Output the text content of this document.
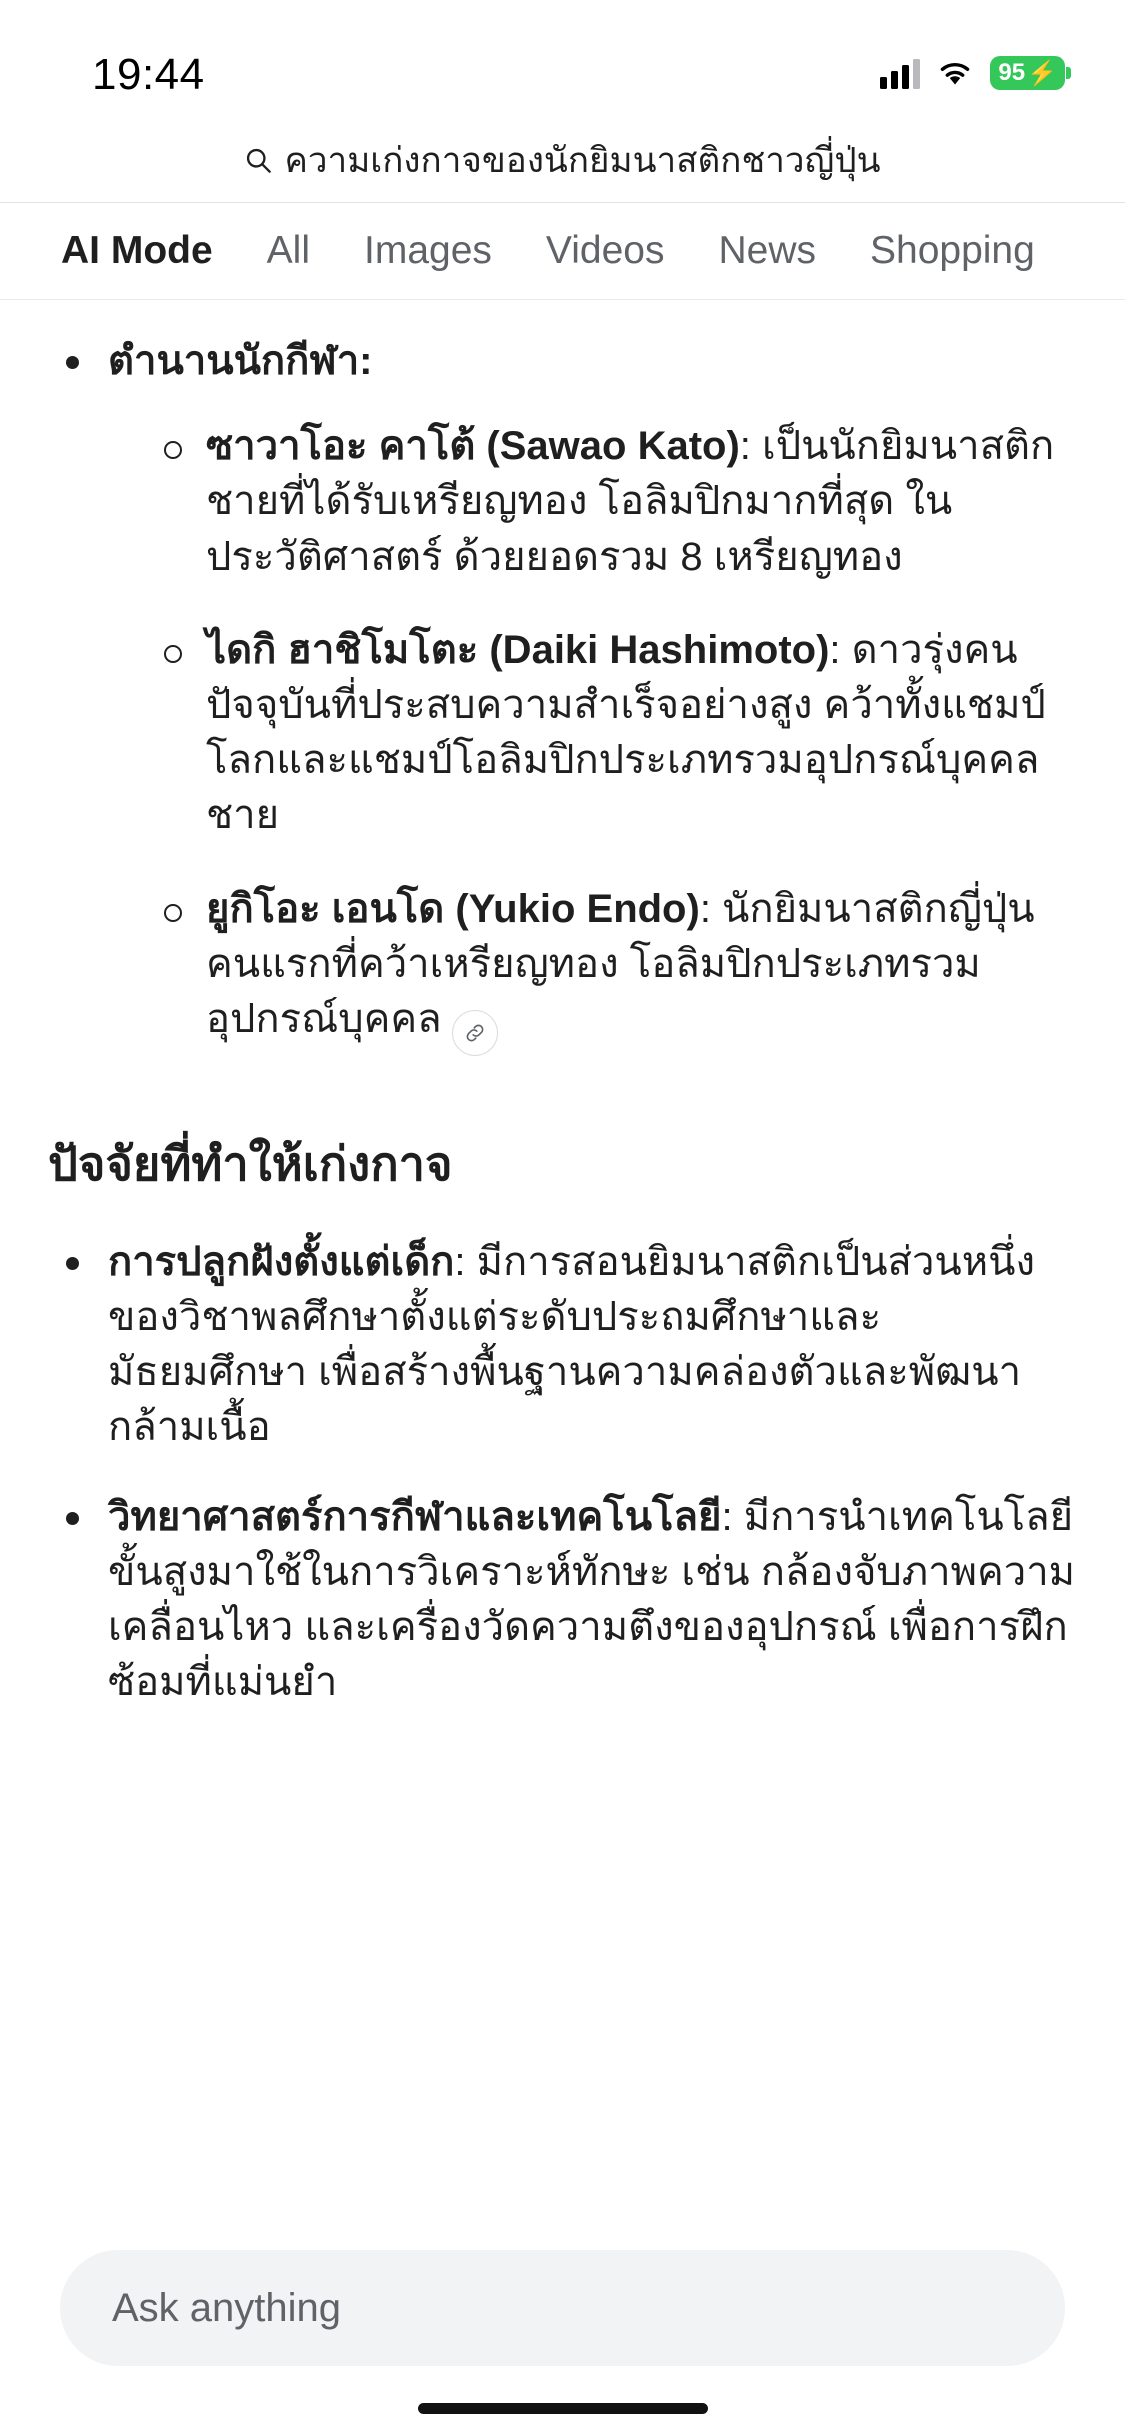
19:44	95 ⚡
ความเก่งกาจของนักยิมนาสติกชาวญี่ปุ่น
AI Mode	All	Images	Videos	News	Shopping
ตำนานนักกีฬา:
ซาวาโอะ คาโต้ (Sawao Kato): เป็นนักยิมนาสติกชายที่ได้รับเหรียญทอง โอลิมปิกมากที่สุด ในประวัติศาสตร์ ด้วยยอดรวม 8 เหรียญทอง
ไดกิ ฮาชิโมโตะ (Daiki Hashimoto): ดาวรุ่งคนปัจจุบันที่ประสบความสำเร็จอย่างสูง คว้าทั้งแชมป์โลกและแชมป์โอลิมปิกประเภทรวมอุปกรณ์บุคคลชาย
ยูกิโอะ เอนโด (Yukio Endo): นักยิมนาสติกญี่ปุ่นคนแรกที่คว้าเหรียญทอง โอลิมปิกประเภทรวมอุปกรณ์บุคคล
ปัจจัยที่ทำให้เก่งกาจ
การปลูกฝังตั้งแต่เด็ก: มีการสอนยิมนาสติกเป็นส่วนหนึ่งของวิชาพลศึกษาตั้งแต่ระดับประถมศึกษาและมัธยมศึกษา เพื่อสร้างพื้นฐานความคล่องตัวและพัฒนากล้ามเนื้อ
วิทยาศาสตร์การกีฬาและเทคโนโลยี: มีการนำเทคโนโลยีขั้นสูงมาใช้ในการวิเคราะห์ทักษะ เช่น กล้องจับภาพความเคลื่อนไหว และเครื่องวัดความตึงของอุปกรณ์ เพื่อการฝึกซ้อมที่แม่นยำ
Ask anything
